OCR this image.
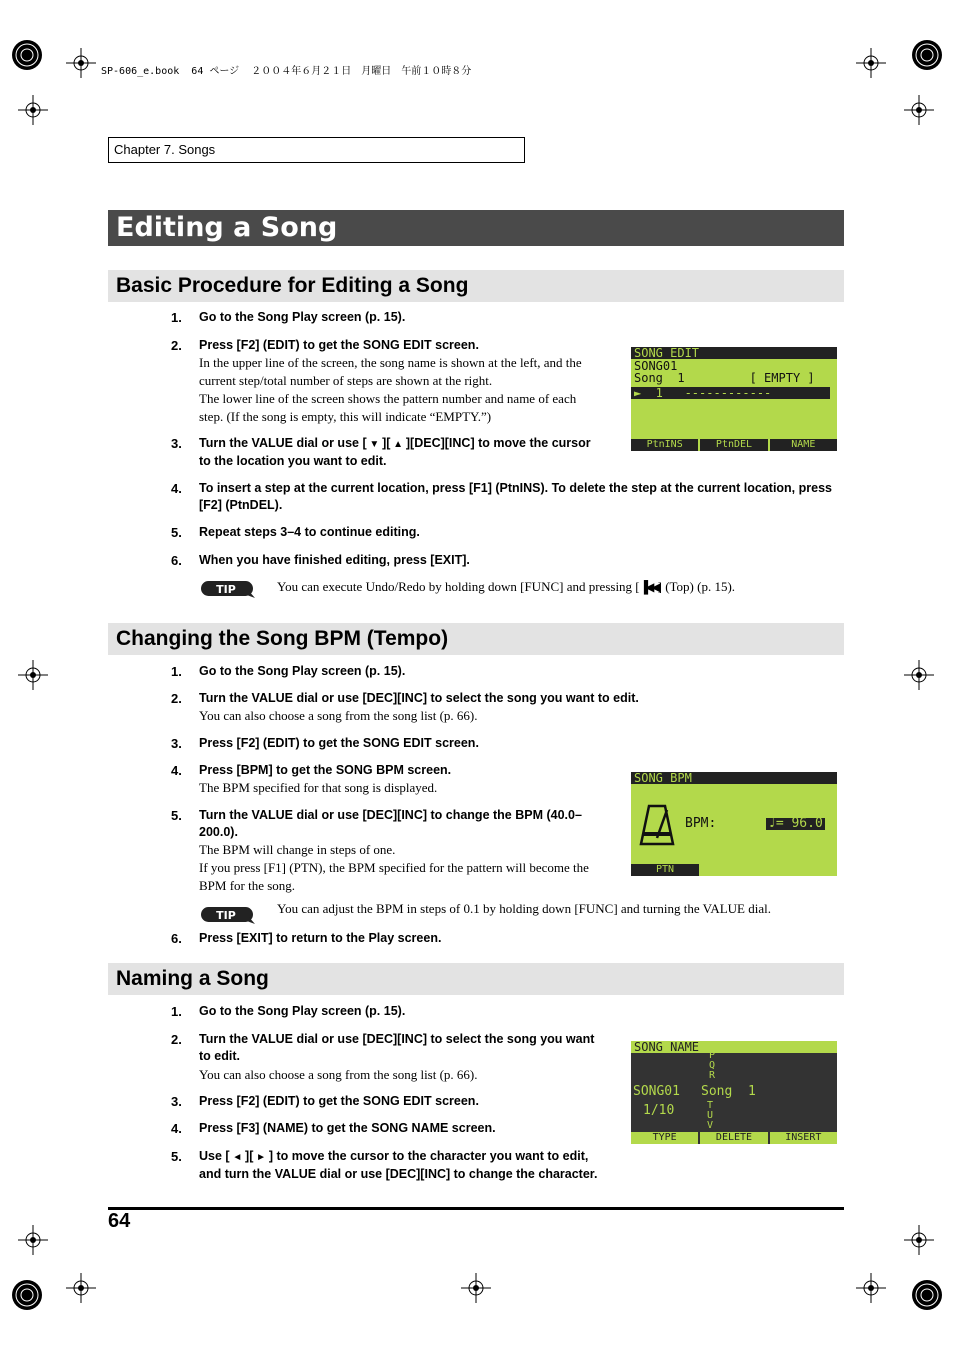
SP-606_e.book  64 ページ  ２００４年６月２１日　月曜日　午前１０時８分
Chapter 7. Songs
Editing a Song
Basic Procedure for Editing a Song
1. Go to the Song Play screen (p. 15).
2. Press [F2] (EDIT) to get the SONG EDIT screen.
In the upper line of the screen, the song name is shown at the left, and the
current step/total number of steps are shown at the right.
The lower line of the screen shows the pattern number and name of each
step. (If the song is empty, this will indicate “EMPTY.”)
3. Turn the VALUE dial or use [ ▼ ][ ▲ ][DEC][INC] to move the cursor
to the location you want to edit.
SONG EDIT
SONG01
Song  1         [ EMPTY ]
►  1   ------------
PtnINS	PtnDEL	NAME
4. To insert a step at the current location, press [F1] (PtnINS). To delete the step at the current location, press
[F2] (PtnDEL).
5. Repeat steps 3–4 to continue editing.
6. When you have finished editing, press [EXIT].
TIP	You can execute Undo/Redo by holding down [FUNC] and pressing [ ▐◀◀ ] (Top) (p. 15).
Changing the Song BPM (Tempo)
1. Go to the Song Play screen (p. 15).
2. Turn the VALUE dial or use [DEC][INC] to select the song you want to edit.
You can also choose a song from the song list (p. 66).
3. Press [F2] (EDIT) to get the SONG EDIT screen.
4. Press [BPM] to get the SONG BPM screen.
The BPM specified for that song is displayed.
5. Turn the VALUE dial or use [DEC][INC] to change the BPM (40.0–
200.0).
The BPM will change in steps of one.
If you press [F1] (PTN), the BPM specified for the pattern will become the
BPM for the song.
SONG BPM
BPM:	♩= 96.0
PTN
TIP	You can adjust the BPM in steps of 0.1 by holding down [FUNC] and turning the VALUE dial.
6. Press [EXIT] to return to the Play screen.
Naming a Song
1. Go to the Song Play screen (p. 15).
2. Turn the VALUE dial or use [DEC][INC] to select the song you want
to edit.
You can also choose a song from the song list (p. 66).
3. Press [F2] (EDIT) to get the SONG EDIT screen.
4. Press [F3] (NAME) to get the SONG NAME screen.
5. Use [ ◄ ][ ► ] to move the cursor to the character you want to edit,
and turn the VALUE dial or use [DEC][INC] to change the character.
SONG NAME
P
Q
R
SONG01 Song  1
1/10	T
U
V
TYPE	DELETE	INSERT
64
